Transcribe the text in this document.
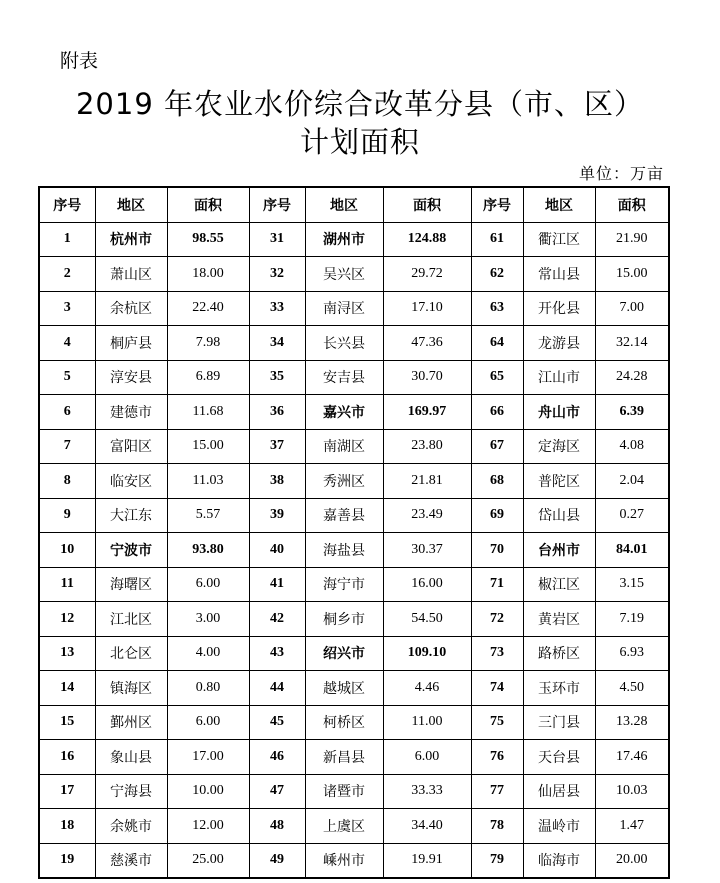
附表
2019 年农业水价综合改革分县（市、区）
计划面积
单位：万亩
序号	地区	面积	序号	地区	面积	序号	地区	面积
1	杭州市	98.55	31	湖州市	124.88	61	衢江区	21.90
2	萧山区	18.00	32	吴兴区	29.72	62	常山县	15.00
3	余杭区	22.40	33	南浔区	17.10	63	开化县	7.00
4	桐庐县	7.98	34	长兴县	47.36	64	龙游县	32.14
5	淳安县	6.89	35	安吉县	30.70	65	江山市	24.28
6	建德市	11.68	36	嘉兴市	169.97	66	舟山市	6.39
7	富阳区	15.00	37	南湖区	23.80	67	定海区	4.08
8	临安区	11.03	38	秀洲区	21.81	68	普陀区	2.04
9	大江东	5.57	39	嘉善县	23.49	69	岱山县	0.27
10	宁波市	93.80	40	海盐县	30.37	70	台州市	84.01
11	海曙区	6.00	41	海宁市	16.00	71	椒江区	3.15
12	江北区	3.00	42	桐乡市	54.50	72	黄岩区	7.19
13	北仑区	4.00	43	绍兴市	109.10	73	路桥区	6.93
14	镇海区	0.80	44	越城区	4.46	74	玉环市	4.50
15	鄞州区	6.00	45	柯桥区	11.00	75	三门县	13.28
16	象山县	17.00	46	新昌县	6.00	76	天台县	17.46
17	宁海县	10.00	47	诸暨市	33.33	77	仙居县	10.03
18	余姚市	12.00	48	上虞区	34.40	78	温岭市	1.47
19	慈溪市	25.00	49	嵊州市	19.91	79	临海市	20.00
